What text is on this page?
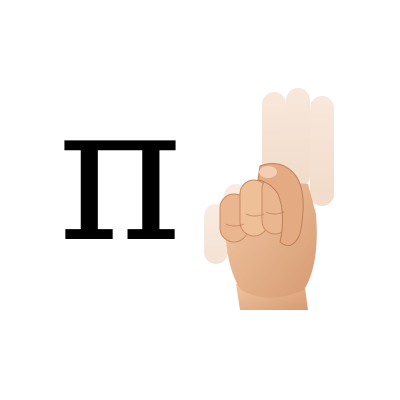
π
